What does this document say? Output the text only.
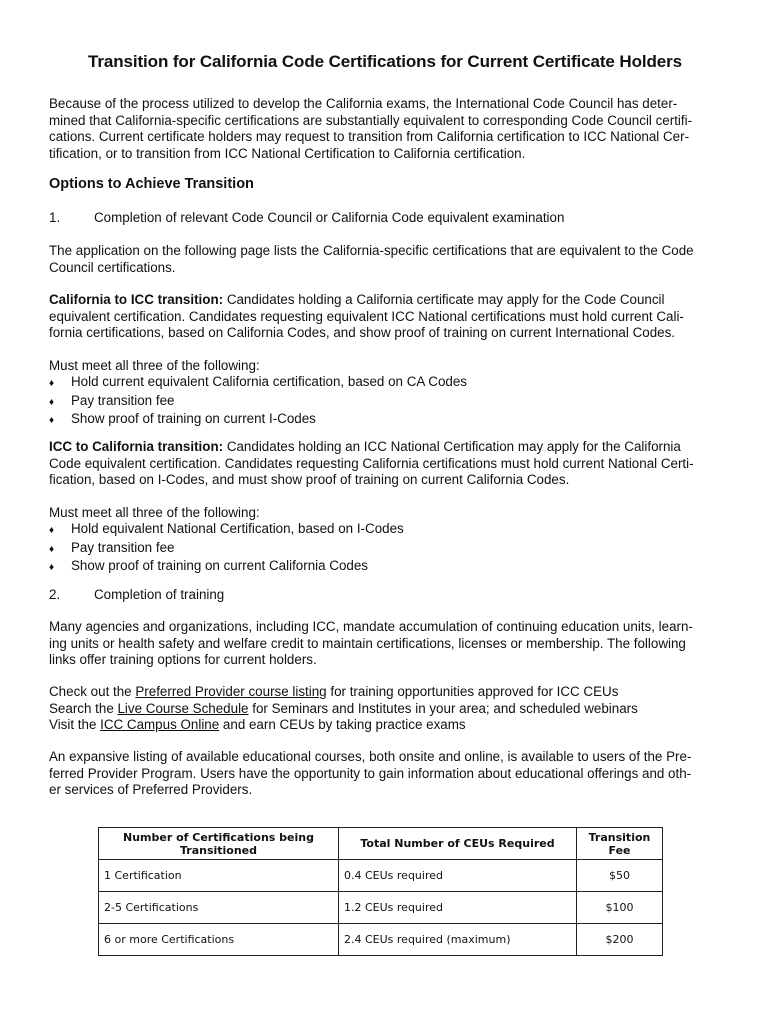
Transition for California Code Certifications for Current Certificate Holders

Because of the process utilized to develop the California exams, the International Code Council has deter-
mined that California-specific certifications are substantially equivalent to corresponding Code Council certifi-
cations. Current certificate holders may request to transition from California certification to ICC National Cer-
tification, or to transition from ICC National Certification to California certification.

Options to Achieve Transition
1.	Completion of relevant Code Council or California Code equivalent examination

The application on the following page lists the California-specific certifications that are equivalent to the Code
Council certifications.

California to ICC transition: Candidates holding a California certificate may apply for the Code Council
equivalent certification. Candidates requesting equivalent ICC National certifications must hold current Cali-
fornia certifications, based on California Codes, and show proof of training on current International Codes.

Must meet all three of the following:

♦ Hold current equivalent California certification, based on CA Codes
♦ Pay transition fee
♦ Show proof of training on current I-Codes

ICC to California transition: Candidates holding an ICC National Certification may apply for the California
Code equivalent certification. Candidates requesting California certifications must hold current National Certi-
fication, based on I-Codes, and must show proof of training on current California Codes.

Must meet all three of the following:

♦ Hold equivalent National Certification, based on I-Codes
♦ Pay transition fee
♦ Show proof of training on current California Codes
2.	Completion of training

Many agencies and organizations, including ICC, mandate accumulation of continuing education units, learn-
ing units or health safety and welfare credit to maintain certifications, licenses or membership. The following
links offer training options for current holders.

Check out the Preferred Provider course listing for training opportunities approved for ICC CEUs
Search the Live Course Schedule for Seminars and Institutes in your area; and scheduled webinars
Visit the ICC Campus Online and earn CEUs by taking practice exams

An expansive listing of available educational courses, both onsite and online, is available to users of the Pre-
ferred Provider Program. Users have the opportunity to gain information about educational offerings and oth-
er services of Preferred Providers.

Number of Certifications being Transitioned	Total Number of CEUs Required	Transition Fee
1 Certification	0.4 CEUs required	$50
2-5 Certifications	1.2 CEUs required	$100
6 or more Certifications	2.4 CEUs required (maximum)	$200
